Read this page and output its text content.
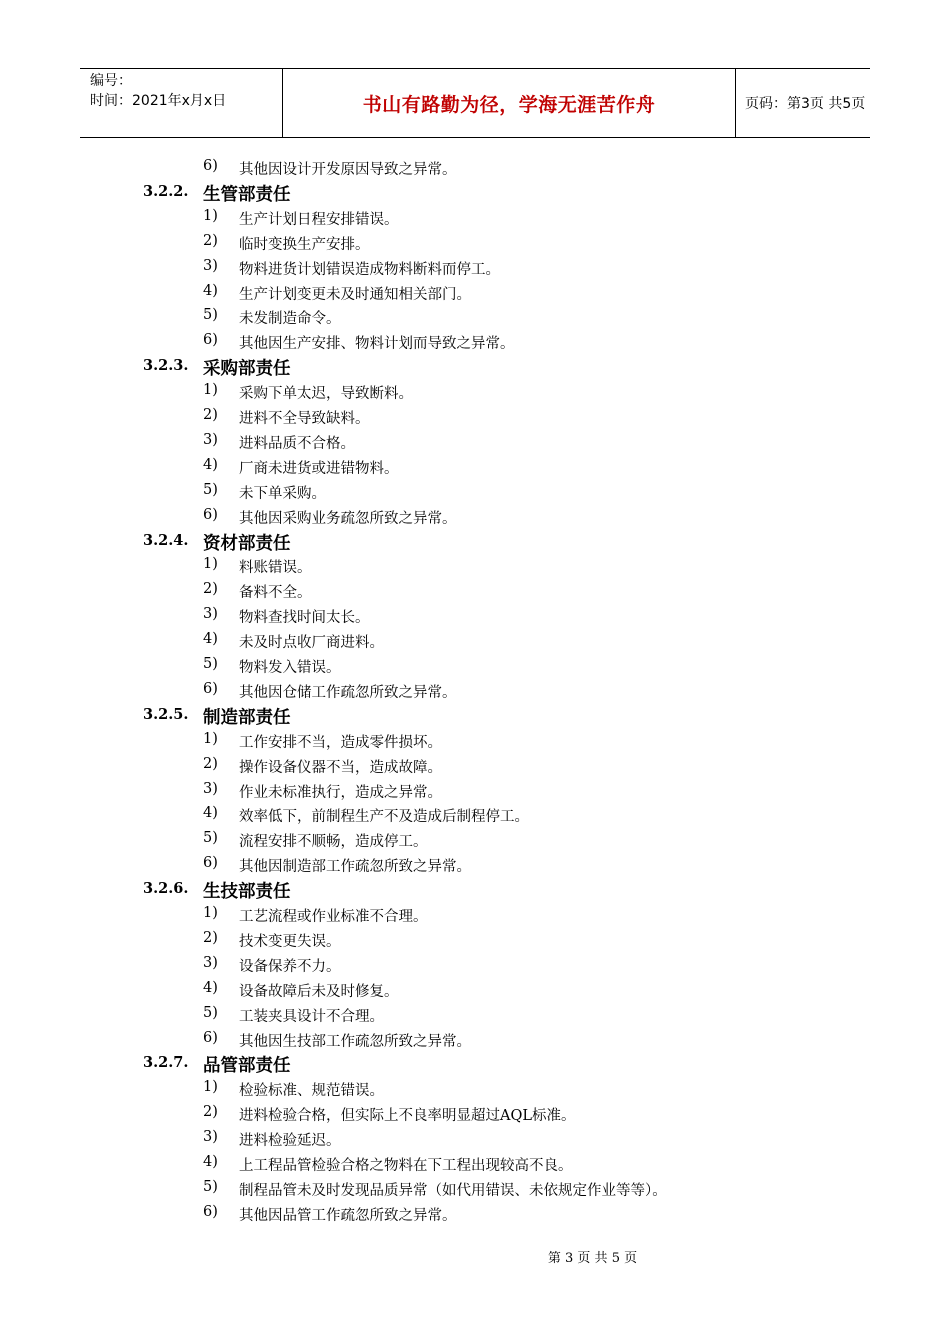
编号：
时间：2021年x月x日	书山有路勤为径，学海无涯苦作舟	页码：第3页 共5页
6) 其他因设计开发原因导致之异常。
3.2.2. 生管部责任
1) 生产计划日程安排错误。
2) 临时变换生产安排。
3) 物料进货计划错误造成物料断料而停工。
4) 生产计划变更未及时通知相关部门。
5) 未发制造命令。
6) 其他因生产安排、物料计划而导致之异常。
3.2.3. 采购部责任
1) 采购下单太迟，导致断料。
2) 进料不全导致缺料。
3) 进料品质不合格。
4) 厂商未进货或进错物料。
5) 未下单采购。
6) 其他因采购业务疏忽所致之异常。
3.2.4. 资材部责任
1) 料账错误。
2) 备料不全。
3) 物料查找时间太长。
4) 未及时点收厂商进料。
5) 物料发入错误。
6) 其他因仓储工作疏忽所致之异常。
3.2.5. 制造部责任
1) 工作安排不当，造成零件损坏。
2) 操作设备仪器不当，造成故障。
3) 作业未标准执行，造成之异常。
4) 效率低下，前制程生产不及造成后制程停工。
5) 流程安排不顺畅，造成停工。
6) 其他因制造部工作疏忽所致之异常。
3.2.6. 生技部责任
1) 工艺流程或作业标准不合理。
2) 技术变更失误。
3) 设备保养不力。
4) 设备故障后未及时修复。
5) 工装夹具设计不合理。
6) 其他因生技部工作疏忽所致之异常。
3.2.7. 品管部责任
1) 检验标准、规范错误。
2) 进料检验合格，但实际上不良率明显超过AQL标准。
3) 进料检验延迟。
4) 上工程品管检验合格之物料在下工程出现较高不良。
5) 制程品管未及时发现品质异常（如代用错误、未依规定作业等等）。
6) 其他因品管工作疏忽所致之异常。
第 3 页 共 5 页
